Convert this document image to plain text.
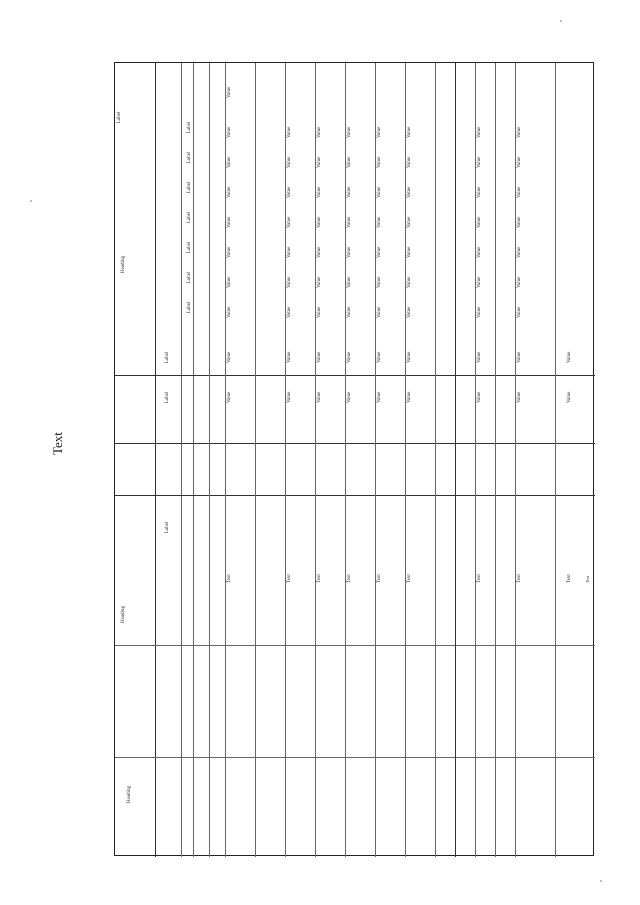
Text
Heading
Heading
Heading
Label
Label
Label
Label
Label
Label
Label
Label
Label
Label
Label
Text
Value
Value
Value
Value
Value
Value
Value
Value
Value
Value
Text
Value
Value
Value
Value
Value
Value
Value
Value
Value
Text
Value
Value
Value
Value
Value
Value
Value
Value
Value
Text
Value
Value
Value
Value
Value
Value
Value
Value
Value
Text
Value
Value
Value
Value
Value
Value
Value
Value
Value
Text
Value
Value
Value
Value
Value
Value
Value
Value
Value
Text
Value
Value
Value
Value
Value
Value
Value
Value
Value
Text
Value
Value
Value
Value
Value
Value
Value
Value
Value
Text
Value
Value
Text
